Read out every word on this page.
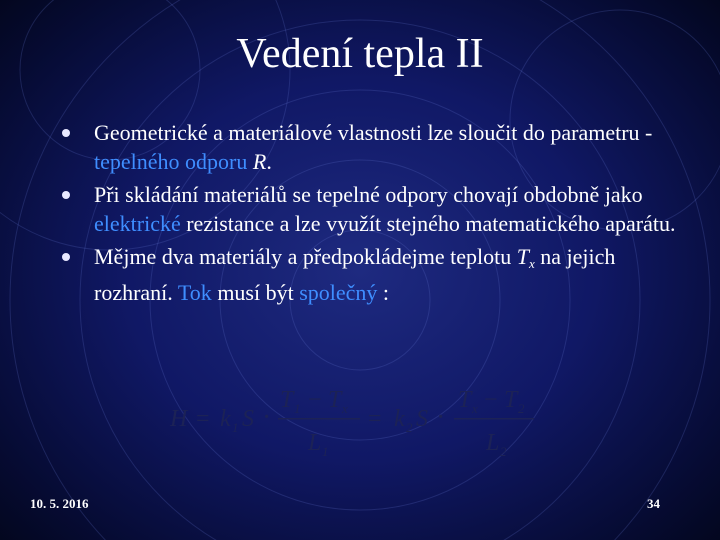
Vedení tepla II
Geometrické a materiálové vlastnosti lze sloučit do parametru - tepelného odporu R.
Při skládání materiálů se tepelné odpory chovají obdobně jako elektrické rezistance a lze využít stejného matematického aparátu.
Mějme dva materiály a předpokládejme teplotu $T_x$ na jejich rozhraní. Tok musí být společný :
H = k 1 S ·
T 1 − T x
L 1
= k 2 S ·
T x − T 2
L 2
10. 5. 2016	34
